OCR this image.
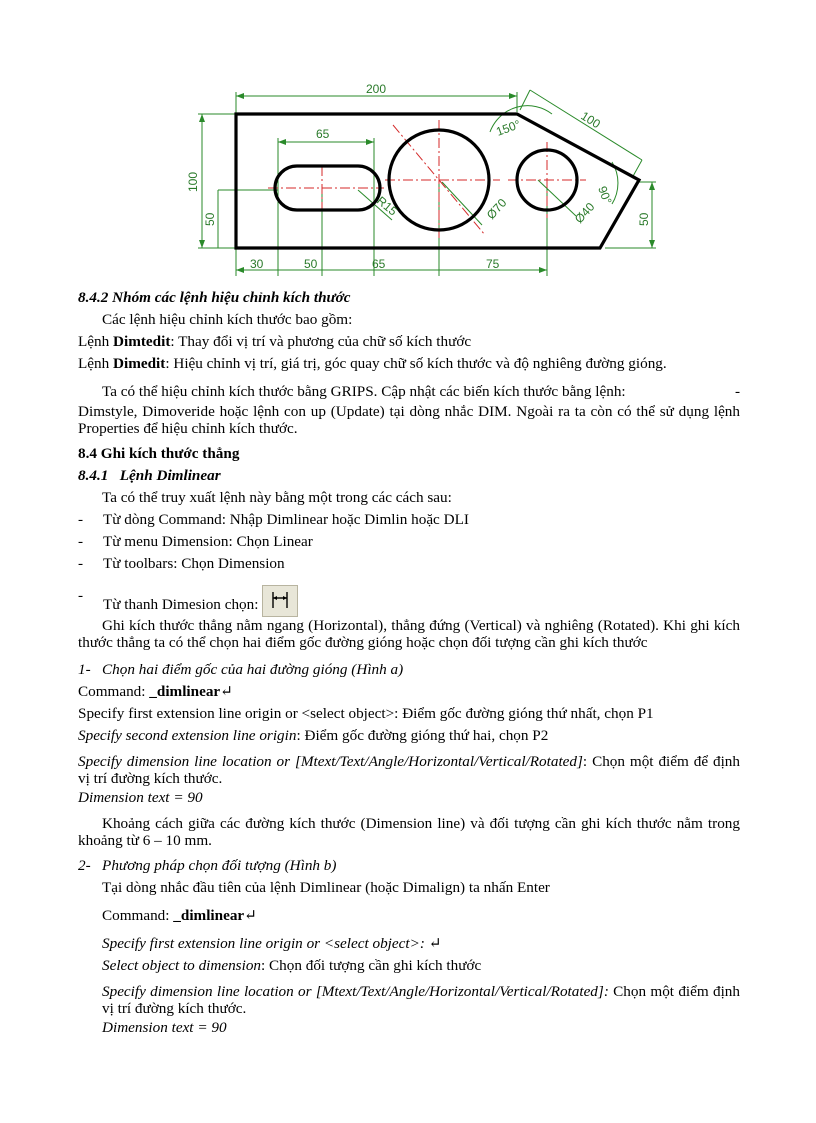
200
100
50
65
100
150°
90°
50
R15	Ø70	Ø40
30	50	65	75

8.4.2 Nhóm các lệnh hiệu chỉnh kích thước

Các lệnh hiệu chỉnh kích thước bao gồm:

Lệnh Dimtedit: Thay đổi vị trí và phương của chữ số kích thước

Lệnh Dimedit: Hiệu chỉnh vị trí, giá trị, góc quay chữ số kích thước và độ nghiêng đường gióng.

Ta có thể hiệu chỉnh kích thước bằng GRIPS. Cập nhật các biến kích thước bằng lệnh:	-

Dimstyle, Dimoveride hoặc lệnh con up (Update) tại dòng nhắc DIM. Ngoài ra ta còn có thể sử dụng lệnh Properties để hiệu chỉnh kích thước.

8.4 Ghi kích thước thẳng

8.4.1 Lệnh Dimlinear

Ta có thể truy xuất lệnh này bằng một trong các cách sau:

- Từ dòng Command: Nhập Dimlinear hoặc Dimlin hoặc DLI

- Từ menu Dimension: Chọn Linear

- Từ toolbars: Chọn Dimension

-
Từ thanh Dimesion chọn:

Ghi kích thước thẳng nằm ngang (Horizontal), thẳng đứng (Vertical) và nghiêng (Rotated). Khi ghi kích thước thẳng ta có thể chọn hai điểm gốc đường gióng hoặc chọn đối tượng cần ghi kích thước

1- Chọn hai điểm gốc của hai đường gióng (Hình a)

Command: _dimlinear↵

Specify first extension line origin or <select object>: Điểm gốc đường gióng thứ nhất, chọn P1

Specify second extension line origin: Điểm gốc đường gióng thứ hai, chọn P2

Specify dimension line location or [Mtext/Text/Angle/Horizontal/Vertical/Rotated]: Chọn một điểm để định vị trí đường kích thước.

Dimension text = 90

Khoảng cách giữa các đường kích thước (Dimension line) và đối tượng cần ghi kích thước nằm trong khoảng từ 6 – 10 mm.

2- Phương pháp chọn đối tượng (Hình b)

Tại dòng nhắc đầu tiên của lệnh Dimlinear (hoặc Dimalign) ta nhấn Enter

Command: _dimlinear↵

Specify first extension line origin or <select object>: ↵

Select object to dimension: Chọn đối tượng cần ghi kích thước

Specify dimension line location or [Mtext/Text/Angle/Horizontal/Vertical/Rotated]: Chọn một điểm định vị trí đường kích thước.

Dimension text = 90
